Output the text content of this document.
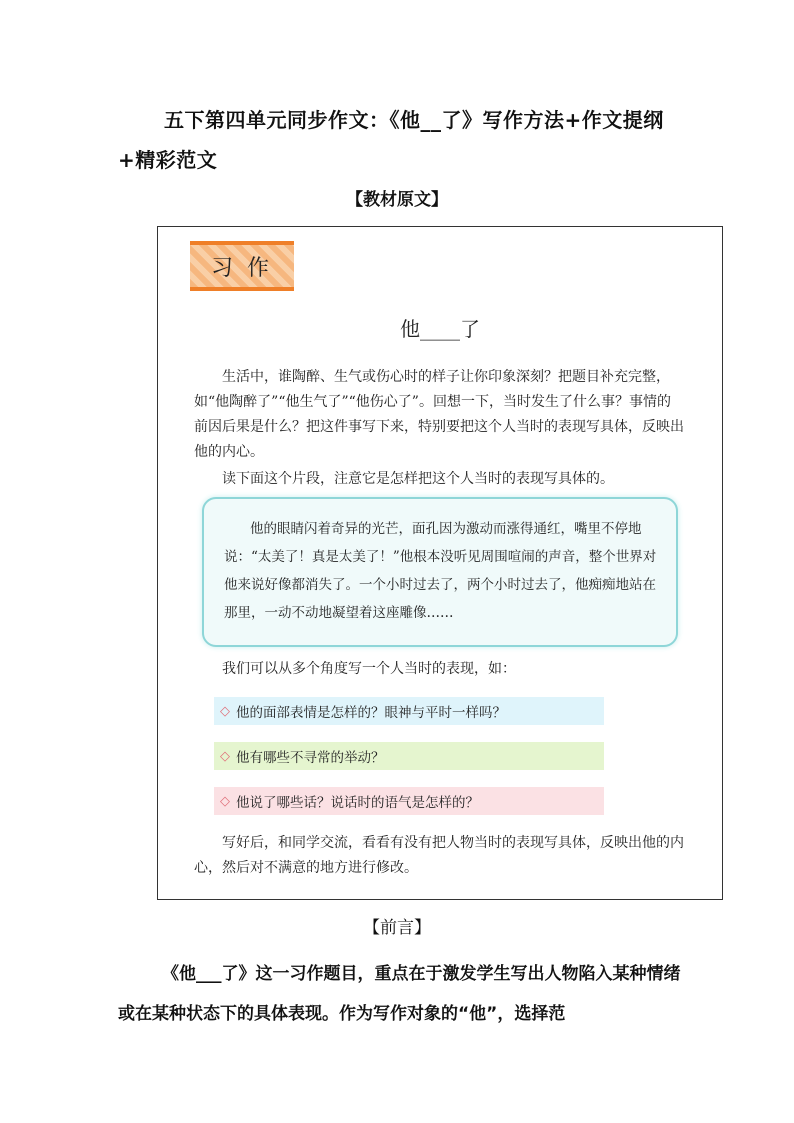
五下第四单元同步作文：《他__了》写作方法+作文提纲+精彩范文
【教材原文】
习作
他____了

生活中，谁陶醉、生气或伤心时的样子让你印象深刻？把题目补充完整，如“他陶醉了”“他生气了”“他伤心了”。回想一下，当时发生了什么事？事情的前因后果是什么？把这件事写下来，特别要把这个人当时的表现写具体，反映出他的内心。

读下面这个片段，注意它是怎样把这个人当时的表现写具体的。

他的眼睛闪着奇异的光芒，面孔因为激动而涨得通红，嘴里不停地说：“太美了！真是太美了！”他根本没听见周围喧闹的声音，整个世界对他来说好像都消失了。一个小时过去了，两个小时过去了，他痴痴地站在那里，一动不动地凝望着这座雕像……

我们可以从多个角度写一个人当时的表现，如：

◇ 他的面部表情是怎样的？眼神与平时一样吗？
◇ 他有哪些不寻常的举动？
◇ 他说了哪些话？说话时的语气是怎样的？

写好后，和同学交流，看看有没有把人物当时的表现写具体，反映出他的内心，然后对不满意的地方进行修改。

【前言】

《他___了》这一习作题目，重点在于激发学生写出人物陷入某种情绪或在某种状态下的具体表现。作为写作对象的“他”，选择范
